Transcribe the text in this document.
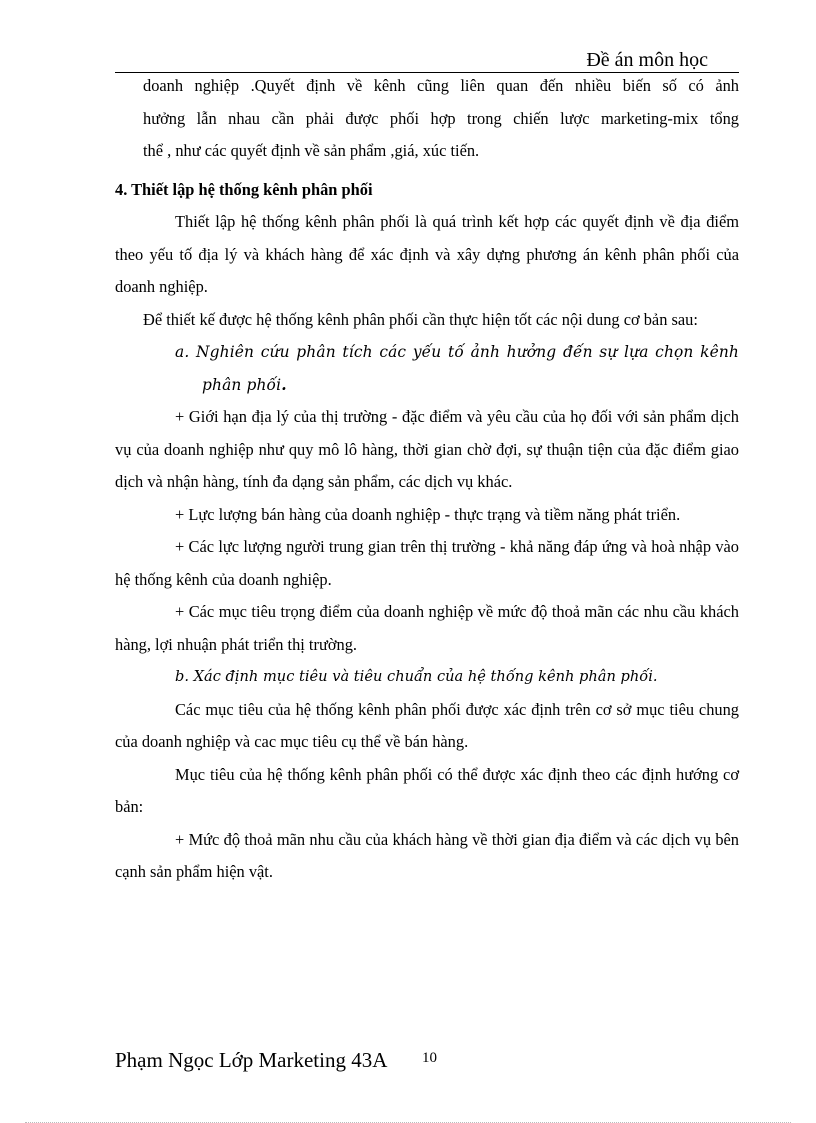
Đề án môn học

doanh nghiệp .Quyết định về kênh cũng liên quan đến nhiều biến số có ảnh

hưởng lẫn nhau cần phải được phối hợp trong chiến lược marketing-mix tổng

thể , như các quyết định về sản phẩm ,giá, xúc tiến.

4. Thiết lập hệ thống kênh phân phối

Thiết lập hệ thống kênh phân phối là quá trình kết hợp các quyết định về địa điểm theo yếu tố địa lý và khách hàng để xác định và xây dựng phương án kênh phân phối của doanh nghiệp.

Để thiết kế được hệ thống kênh phân phối cần thực hiện tốt các nội dung cơ bản sau:

a. Nghiên cứu phân tích các yếu tố ảnh hưởng đến sự lựa chọn kênh

phân phối.

+ Giới hạn địa lý của thị trường - đặc điểm và yêu cầu của họ đối với sản phẩm dịch vụ của doanh nghiệp như quy mô lô hàng, thời gian chờ đợi, sự thuận tiện của đặc điểm giao dịch và nhận hàng, tính đa dạng sản phẩm, các dịch vụ khác.

+ Lực lượng bán hàng của doanh nghiệp - thực trạng và tiềm năng phát triển.

+ Các lực lượng người trung gian trên thị trường - khả năng đáp ứng và hoà nhập vào hệ thống kênh của doanh nghiệp.

+ Các mục tiêu trọng điểm của doanh nghiệp về mức độ thoả mãn các nhu cầu khách hàng, lợi nhuận phát triển thị trường.

b. Xác định mục tiêu và tiêu chuẩn của hệ thống kênh phân phối.

Các mục tiêu của hệ thống kênh phân phối được xác định trên cơ sở mục tiêu chung của doanh nghiệp và cac mục tiêu cụ thể về bán hàng.

Mục tiêu của hệ thống kênh phân phối có thể được xác định theo các định hướng cơ bản:

+ Mức độ thoả mãn nhu cầu của khách hàng về thời gian địa điểm và các dịch vụ bên cạnh sản phẩm hiện vật.

Phạm Ngọc Lớp Marketing 43A 10
